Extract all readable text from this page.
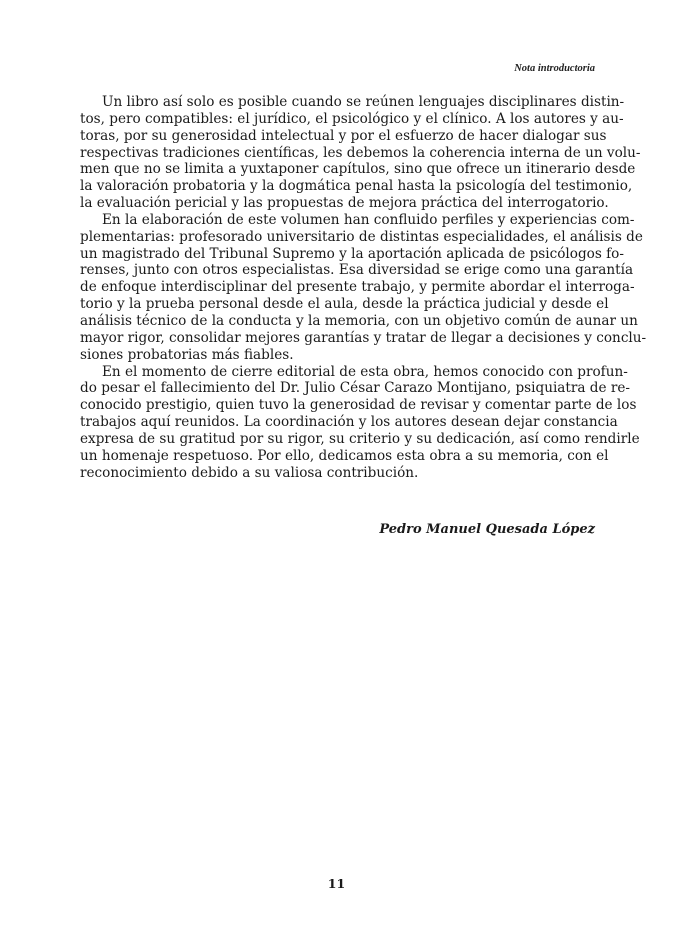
Nota introductoria
Un libro así solo es posible cuando se reúnen lenguajes disciplinares distin-
tos, pero compatibles: el jurídico, el psicológico y el clínico. A los autores y au-
toras, por su generosidad intelectual y por el esfuerzo de hacer dialogar sus
respectivas tradiciones científicas, les debemos la coherencia interna de un volu-
men que no se limita a yuxtaponer capítulos, sino que ofrece un itinerario desde
la valoración probatoria y la dogmática penal hasta la psicología del testimonio,
la evaluación pericial y las propuestas de mejora práctica del interrogatorio.
En la elaboración de este volumen han confluido perfiles y experiencias com-
plementarias: profesorado universitario de distintas especialidades, el análisis de
un magistrado del Tribunal Supremo y la aportación aplicada de psicólogos fo-
renses, junto con otros especialistas. Esa diversidad se erige como una garantía
de enfoque interdisciplinar del presente trabajo, y permite abordar el interroga-
torio y la prueba personal desde el aula, desde la práctica judicial y desde el
análisis técnico de la conducta y la memoria, con un objetivo común de aunar un
mayor rigor, consolidar mejores garantías y tratar de llegar a decisiones y conclu-
siones probatorias más fiables.
En el momento de cierre editorial de esta obra, hemos conocido con profun-
do pesar el fallecimiento del Dr. Julio César Carazo Montijano, psiquiatra de re-
conocido prestigio, quien tuvo la generosidad de revisar y comentar parte de los
trabajos aquí reunidos. La coordinación y los autores desean dejar constancia
expresa de su gratitud por su rigor, su criterio y su dedicación, así como rendirle
un homenaje respetuoso. Por ello, dedicamos esta obra a su memoria, con el
reconocimiento debido a su valiosa contribución.
Pedro Manuel Quesada López
11
